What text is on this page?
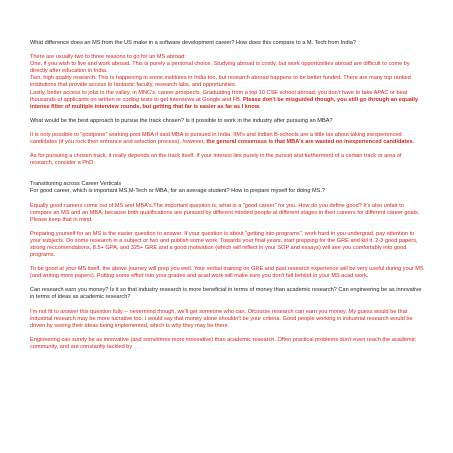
What difference does an MS from the US make in a software development career? How does this compare to a M. Tech from India?

There are usually two to three reasons to go for an MS abroad:

One, if you wish to live and work abroad. This is purely a personal choice. Studying abroad is costly, but work opportunities abroad are difficult to come by directly after education in India.

Two, high quality research. This is happening in some institutes in India too, but research abroad happens to be better funded. There are many top ranked institutions that provide access to fantastic faculty, research labs, and opportunities.

Lastly, better access to jobs in the valley, in MNC's, career prospects. Graduating from a top 10 CSE school abroad, you don't have to take APAC or beat thousands of applicants on written or coding tests to get interviews at Google and FB. Please don't be misguided though, you still go through an equally intense filter of multiple interview rounds, but getting that far is easier as far as I know.

What would be the best approach to pursue the track chosen? Is it possible to work in the industry after pursuing an MBA?

It is only possible to "postpone" working post MBA if said MBA is pursued in India. IIM's and Indian B-schools are a little lax about taking inexperienced candidates (if you rock their entrance and selection process), however, the general consensus is that MBA's are wasted on inexperienced candidates.

As for pursuing a chosen track, it really depends on the track itself. If your interest lies purely in the pursuit and furtherment of a certain track or area of research, consider a PhD.

Transitioning across Career Verticals

For good career, which is important MS,M-Tech or MBA, for an average student? How to prepare myself for doing MS.?

Equally good careers come out of MS and MBA's.The important question is, what is a "good career" for you. How do you define good? It's also unfair to compare an MS and an MBA, because both qualifications are pursued by different minded people at different stages in their careers for different career goals. Please keep that in mind.

Preparing yourself for an MS is the easier question to answer. If your question is about "getting into programs", work hard in you undergrad, pay attention to your subjects. Do some research in a subject or two and publish some work. Towards your final years, start prepping for the GRE and kill it. 2-3 good papers, strong reccomendations, 8.5+ GPA, and 325+ GRE and a good motivation (which will reflect in your SOP and essays) will see you comfortably into good programs.

To be good at your MS itself, the above journey will prep you well. Your verbal training on GRE and past research experience will be very useful during your MS (and writing more papers). Putting some effort into your grades and acad work will make sure you don't fall behind in your MS acad work.

Can research earn you money? Is it so that industry research is more beneficial in terms of money than academic research? Can engineering be as innovative in terms of ideas as academic research?

I'm not fit to answer this question fully -- nevermind though, we'll get someone who can. Ofcourse research can earn you money. My guess would be that industrial research may be more lucrative too. I would say that money alone shouldn't be your criteria. Good people working in industrial research would be driven by seeing their ideas being implemented, which is why they may be there.

Engineering can surely be as innovative (and sometimes more innovative) than academic research. Often practical problems don't even reach the academic community, and are constantly tackled by
